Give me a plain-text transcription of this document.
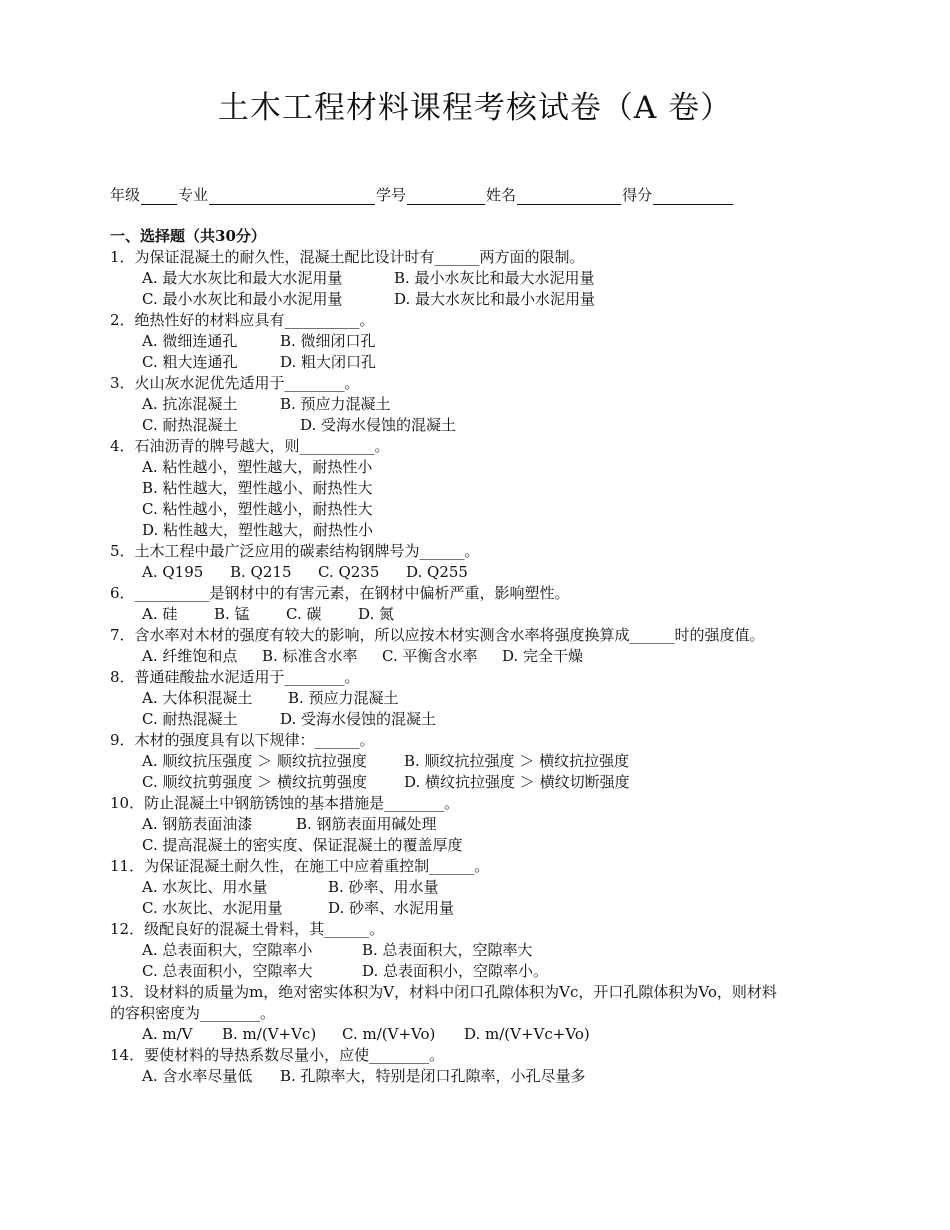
土木工程材料课程考核试卷（A 卷）
年级	专业	学号	姓名	得分
一、选择题（共30分）
1．为保证混凝土的耐久性，混凝土配比设计时有______两方面的限制。
A. 最大水灰比和最大水泥用量	B. 最小水灰比和最大水泥用量
C. 最小水灰比和最小水泥用量	D. 最大水灰比和最小水泥用量
2．绝热性好的材料应具有__________。
A. 微细连通孔	B. 微细闭口孔
C. 粗大连通孔	D. 粗大闭口孔
3．火山灰水泥优先适用于________。
A. 抗冻混凝土	B. 预应力混凝土
C. 耐热混凝土	D. 受海水侵蚀的混凝土
4．石油沥青的牌号越大，则__________。
A. 粘性越小，塑性越大，耐热性小
B. 粘性越大，塑性越小、耐热性大
C. 粘性越小，塑性越小，耐热性大
D. 粘性越大，塑性越大，耐热性小
5．土木工程中最广泛应用的碳素结构钢牌号为______。
A. Q195 B. Q215 C. Q235 D. Q255
6．__________是钢材中的有害元素，在钢材中偏析严重，影响塑性。
A. 硅 B. 锰 C. 碳 D. 氮
7．含水率对木材的强度有较大的影响，所以应按木材实测含水率将强度换算成______时的强度值。
A. 纤维饱和点 B. 标准含水率 C. 平衡含水率 D. 完全干燥
8．普通硅酸盐水泥适用于________。
A. 大体积混凝土 B. 预应力混凝土
C. 耐热混凝土	D. 受海水侵蚀的混凝土
9．木材的强度具有以下规律：______。
A. 顺纹抗压强度 ＞ 顺纹抗拉强度 B. 顺纹抗拉强度 ＞ 横纹抗拉强度
C. 顺纹抗剪强度 ＞ 横纹抗剪强度 D. 横纹抗拉强度 ＞ 横纹切断强度
10．防止混凝土中钢筋锈蚀的基本措施是________。
A. 钢筋表面油漆	B. 钢筋表面用碱处理
C. 提高混凝土的密实度、保证混凝土的覆盖厚度
11．为保证混凝土耐久性，在施工中应着重控制______。
A. 水灰比、用水量	B. 砂率、用水量
C. 水灰比、水泥用量	D. 砂率、水泥用量
12．级配良好的混凝土骨料，其______。
A. 总表面积大，空隙率小	B. 总表面积大，空隙率大
C. 总表面积小，空隙率大	D. 总表面积小，空隙率小。
13．设材料的质量为m，绝对密实体积为V，材料中闭口孔隙体积为Vc，开口孔隙体积为Vo，则材料
的容积密度为________。
A. m/V B. m/(V+Vc) C. m/(V+Vo) D. m/(V+Vc+Vo)
14．要使材料的导热系数尽量小，应使________。
A. 含水率尽量低 B. 孔隙率大，特别是闭口孔隙率，小孔尽量多
